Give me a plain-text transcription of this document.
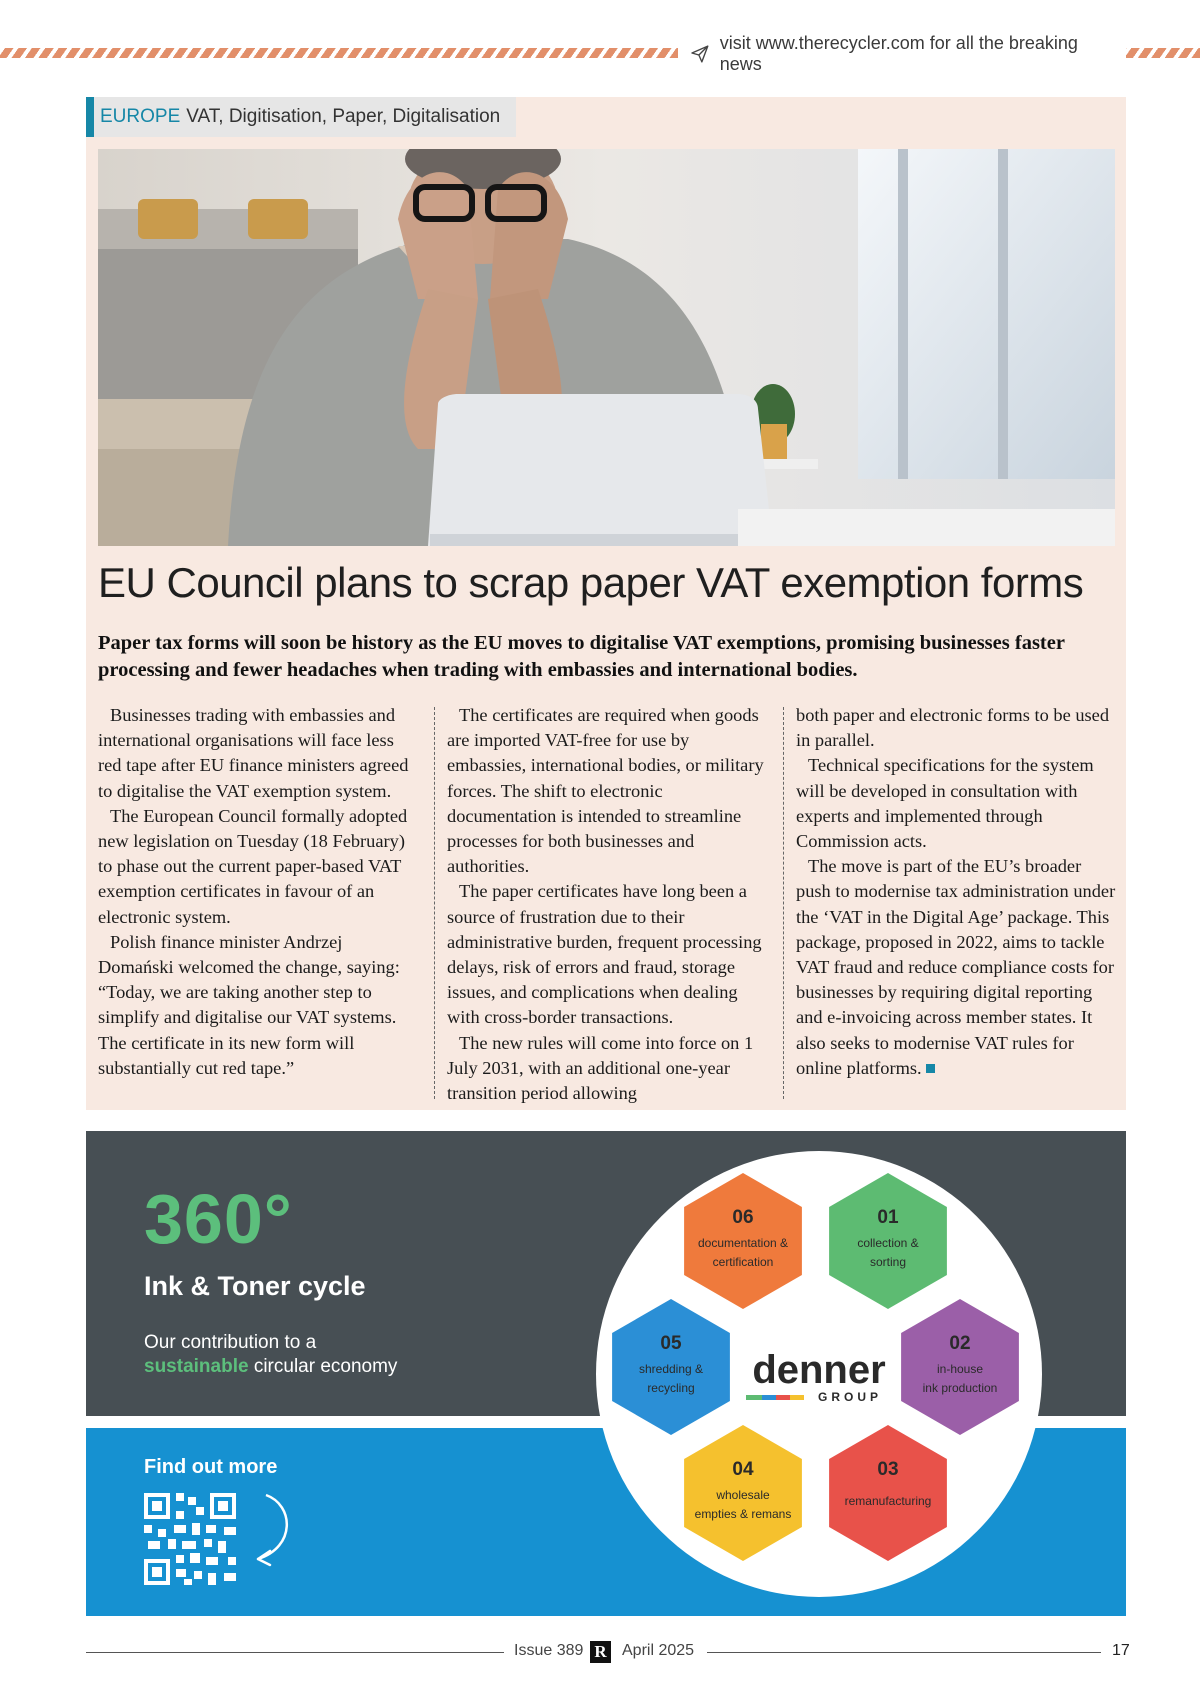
visit www.therecycler.com for all the breaking news
EUROPE VAT, Digitisation, Paper, Digitalisation
EU Council plans to scrap paper VAT exemption forms

Paper tax forms will soon be history as the EU moves to digitalise VAT exemptions, promising businesses faster processing and fewer headaches when trading with embassies and international bodies.

Businesses trading with embassies and international organisations will face less red tape after EU finance ministers agreed to digitalise the VAT exemption system.

The European Council formally adopted new legislation on Tuesday (18 February) to phase out the current paper-based VAT exemption certificates in favour of an electronic system.

Polish finance minister Andrzej Domański welcomed the change, saying: “Today, we are taking another step to simplify and digitalise our VAT systems. The certificate in its new form will substantially cut red tape.”

The certificates are required when goods are imported VAT-free for use by embassies, international bodies, or military forces. The shift to electronic documentation is intended to streamline processes for both businesses and authorities.

The paper certificates have long been a source of frustration due to their administrative burden, frequent processing delays, risk of errors and fraud, storage issues, and complications when dealing with cross-border transactions.

The new rules will come into force on 1 July 2031, with an additional one-year transition period allowing

both paper and electronic forms to be used in parallel.

Technical specifications for the system will be developed in consultation with experts and implemented through Commission acts.

The move is part of the EU’s broader push to modernise tax administration under the ‘VAT in the Digital Age’ package. This package, proposed in 2022, aims to tackle VAT fraud and reduce compliance costs for businesses by requiring digital reporting and e-invoicing across member states. It also seeks to modernise VAT rules for online platforms.

360°
Ink & Toner cycle
Our contribution to a
sustainable circular economy
Find out more
06
documentation &
certification
01
collection &
sorting
05
shredding &
recycling
02
in-house
ink production
04
wholesale
empties & remans
03
remanufacturing
denner
GROUP
Issue 389 R April 2025	17
